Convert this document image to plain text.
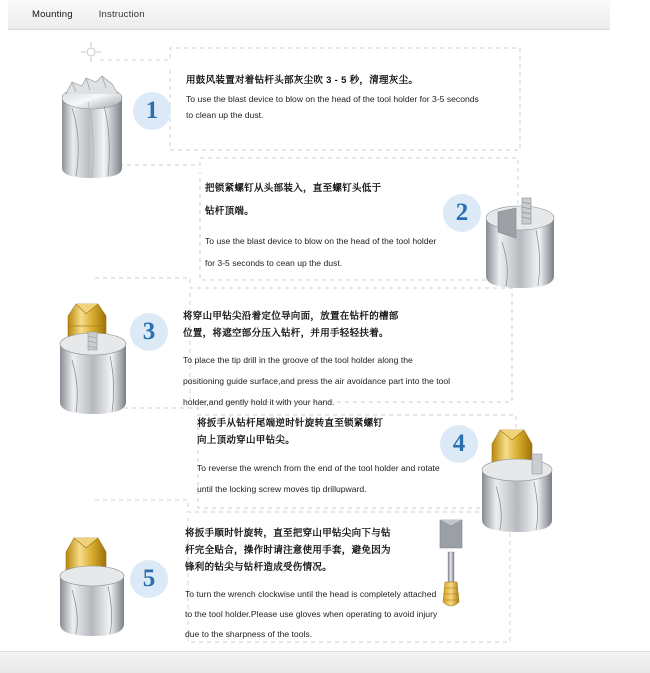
Mounting	Instruction
1
用鼓风装置对着钻杆头部灰尘吹 3 - 5 秒，清理灰尘。
To use the blast device to blow on the head of the tool holder for 3-5 seconds to clean up the dust.
2
把锁紧螺钉从头部装入，直至螺钉头低于
钻杆顶端。
To use the blast device to blow on the head of the tool holder for 3-5 seconds to cean up the dust.
3
将穿山甲钻尖沿着定位导向面，放置在钻杆的槽部
位置，将遮空部分压入钻杆，并用手轻轻扶着。
To place the tip drill in the groove of the tool holder along the positioning guide surface,and press the air avoidance part into the tool holder,and gently hold it with your hand.
4
将扳手从钻杆尾端逆时针旋转直至锁紧螺钉
向上顶动穿山甲钻尖。
To reverse the wrench from the end of the tool holder and rotate until the locking screw moves tip drillupward.
5
将扳手顺时针旋转，直至把穿山甲钻尖向下与钻
杆完全贴合，操作时请注意使用手套，避免因为
锋利的钻尖与钻杆造成受伤情况。
To turn the wrench clockwise until the head is completely attached to the tool holder.Please use gloves when operating to avoid injury due to the sharpness of the tools.
